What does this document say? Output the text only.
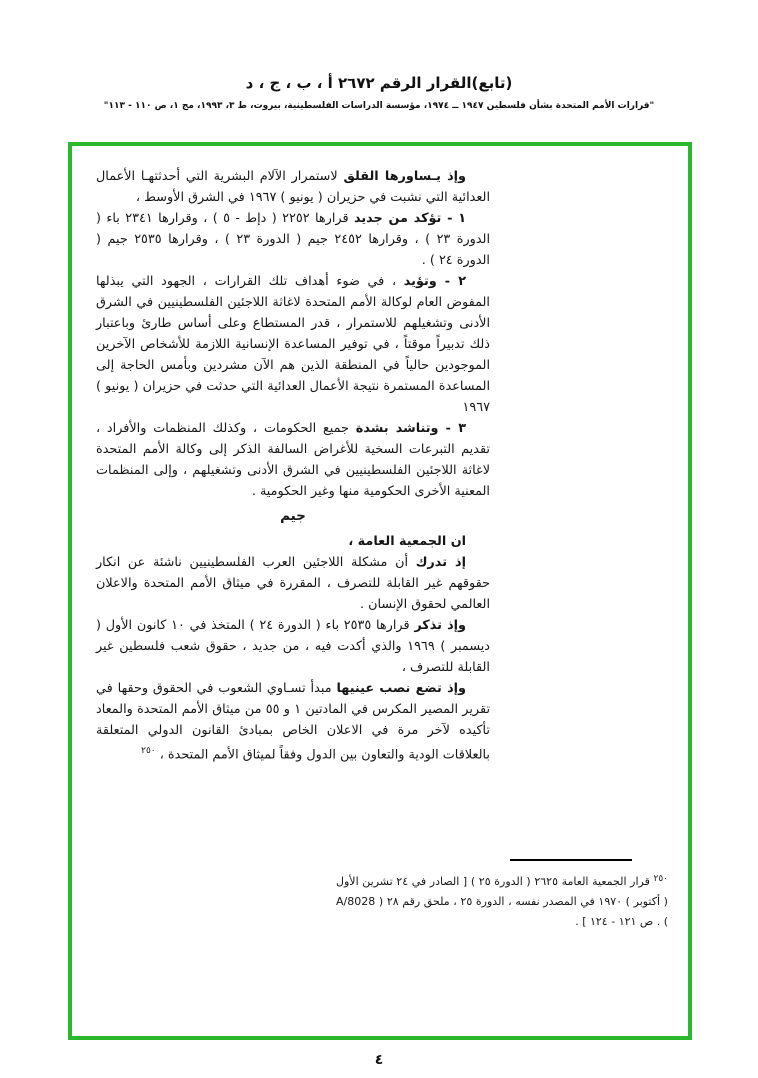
(تابع)القرار الرقم ٢٦٧٢ أ ، ب ، ج ، د
"قرارات الأمم المتحدة بشأن فلسطين ١٩٤٧ ــ ١٩٧٤، مؤسسة الدراسات الفلسطينية، بيروت، ط ٣، ١٩٩٣، مج ١، ص ١١٠ - ١١٣"

وإذ يـساورها القلق لاستمرار الآلام البشرية التي أحدثتهـا الأعمال العدائية التي نشبت في حزيران ( يونيو ) ١٩٦٧ في الشرق الأوسط ،

١ - تؤكد من جديد قرارها ٢٢٥٢ ( دإط - ٥ ) ، وقرارها ٢٣٤١ باء ( الدورة ٢٣ ) ، وقرارها ٢٤٥٢ جيم ( الدورة ٢٣ ) ، وقرارها ٢٥٣٥ جيم ( الدورة ٢٤ ) .

٢ - وتؤيد ، في ضوء أهداف تلك القرارات ، الجهود التي يبذلها المفوض العام لوكالة الأمم المتحدة لاغاثة اللاجئين الفلسطينيين في الشرق الأدنى وتشغيلهم للاستمرار ، قدر المستطاع وعلى أساس طارئ وباعتبار ذلك تدبيراً موقتاً ، في توفير المساعدة الإنسانية اللازمة للأشخاص الآخرين الموجودين حالياً في المنطقة الذين هم الآن مشردين وبأمس الحاجة إلى المساعدة المستمرة نتيجة الأعمال العدائية التي حدثت في حزيران ( يونيو ) ١٩٦٧

٣ - وتناشد بشدة جميع الحكومات ، وكذلك المنظمات والأفراد ، تقديم التبرعات السخية للأغراض السالفة الذكر إلى وكالة الأمم المتحدة لاغاثة اللاجئين الفلسطينيين في الشرق الأدنى وتشغيلهم ، وإلى المنظمات المعنية الأخرى الحكومية منها وغير الحكومية .

جيم

ان الجمعية العامة ،

إذ تدرك أن مشكلة اللاجئين العرب الفلسطينيين ناشئة عن انكار حقوقهم غير القابلة للتصرف ، المقررة في ميثاق الأمم المتحدة والاعلان العالمي لحقوق الإنسان .

وإذ تذكر قرارها ٢٥٣٥ باء ( الدورة ٢٤ ) المتخذ في ١٠ كانون الأول ( ديسمبر ) ١٩٦٩ والذي أكدت فيه ، من جديد ، حقوق شعب فلسطين غير القابلة للتصرف ،

وإذ تضع نصب عينيها مبدأ تسـاوي الشعوب في الحقوق وحقها في تقرير المصير المكرس في المادتين ١ و ٥٥ من ميثاق الأمم المتحدة والمعاد تأكيده لآخر مرة في الاعلان الخاص بمبادئ القانون الدولي المتعلقة بالعلاقات الودية والتعاون بين الدول وفقاً لميثاق الأمم المتحدة ، $^{٢٥٠}$

$^{٢٥٠}$ قرار الجمعية العامة ٢٦٢٥ ( الدورة ٢٥ ) [ الصادر في ٢٤ تشرين الأول ( أكتوبر ) ١٩٧٠ في المصدر نفسه ، الدورة ٢٥ ، ملحق رقم ٢٨ ( A/8028 ) . ص ١٢١ - ١٢٤ ] .

٤
